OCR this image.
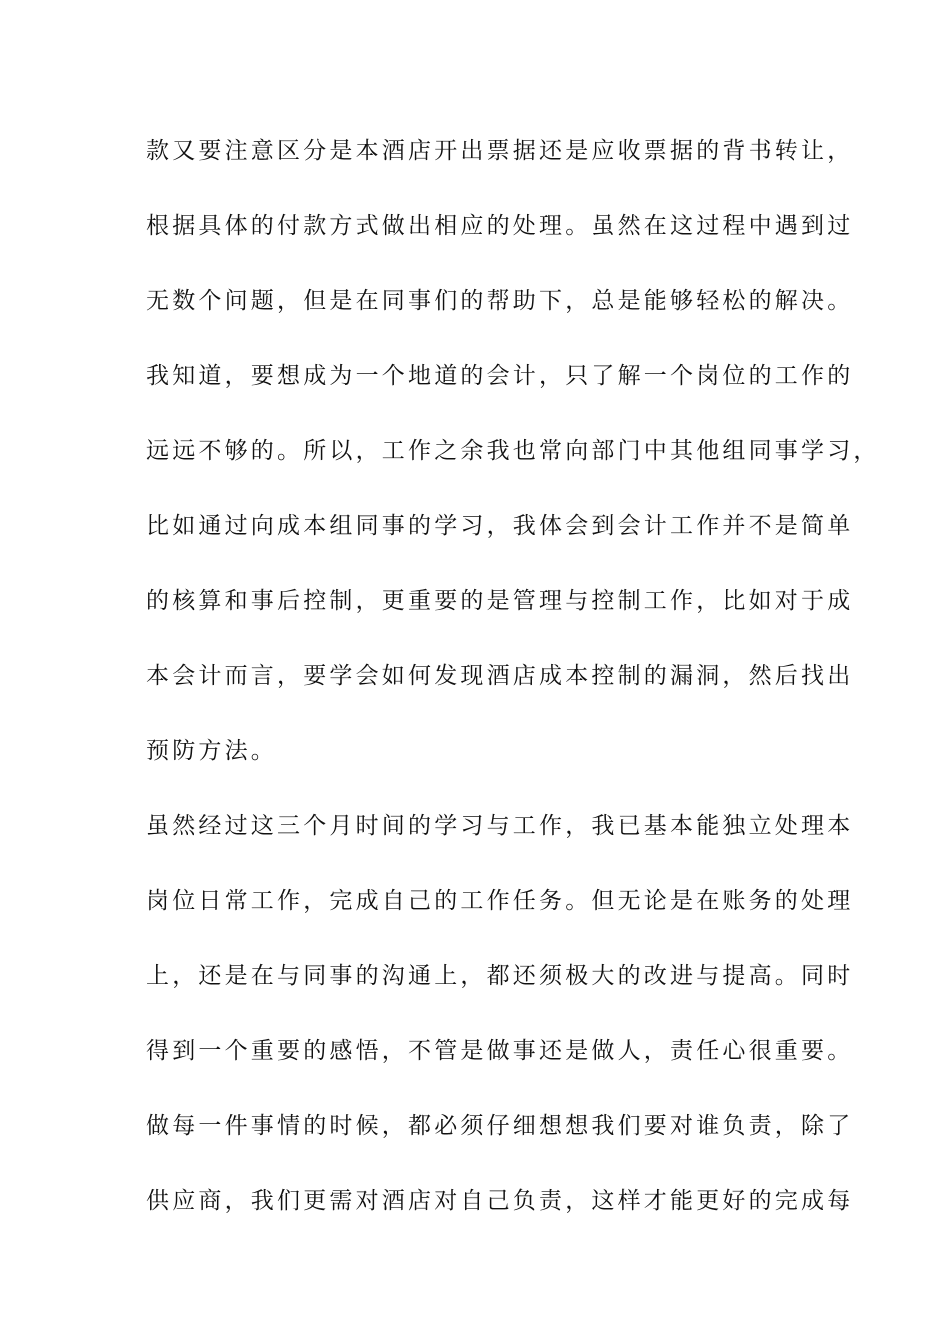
款又要注意区分是本酒店开出票据还是应收票据的背书转让，
根据具体的付款方式做出相应的处理。虽然在这过程中遇到过
无数个问题，但是在同事们的帮助下，总是能够轻松的解决。
我知道，要想成为一个地道的会计，只了解一个岗位的工作的
远远不够的。所以，工作之余我也常向部门中其他组同事学习，
比如通过向成本组同事的学习，我体会到会计工作并不是简单
的核算和事后控制，更重要的是管理与控制工作，比如对于成
本会计而言，要学会如何发现酒店成本控制的漏洞，然后找出
预防方法。
虽然经过这三个月时间的学习与工作，我已基本能独立处理本
岗位日常工作，完成自己的工作任务。但无论是在账务的处理
上，还是在与同事的沟通上，都还须极大的改进与提高。同时
得到一个重要的感悟，不管是做事还是做人，责任心很重要。
做每一件事情的时候，都必须仔细想想我们要对谁负责，除了
供应商，我们更需对酒店对自己负责，这样才能更好的完成每
